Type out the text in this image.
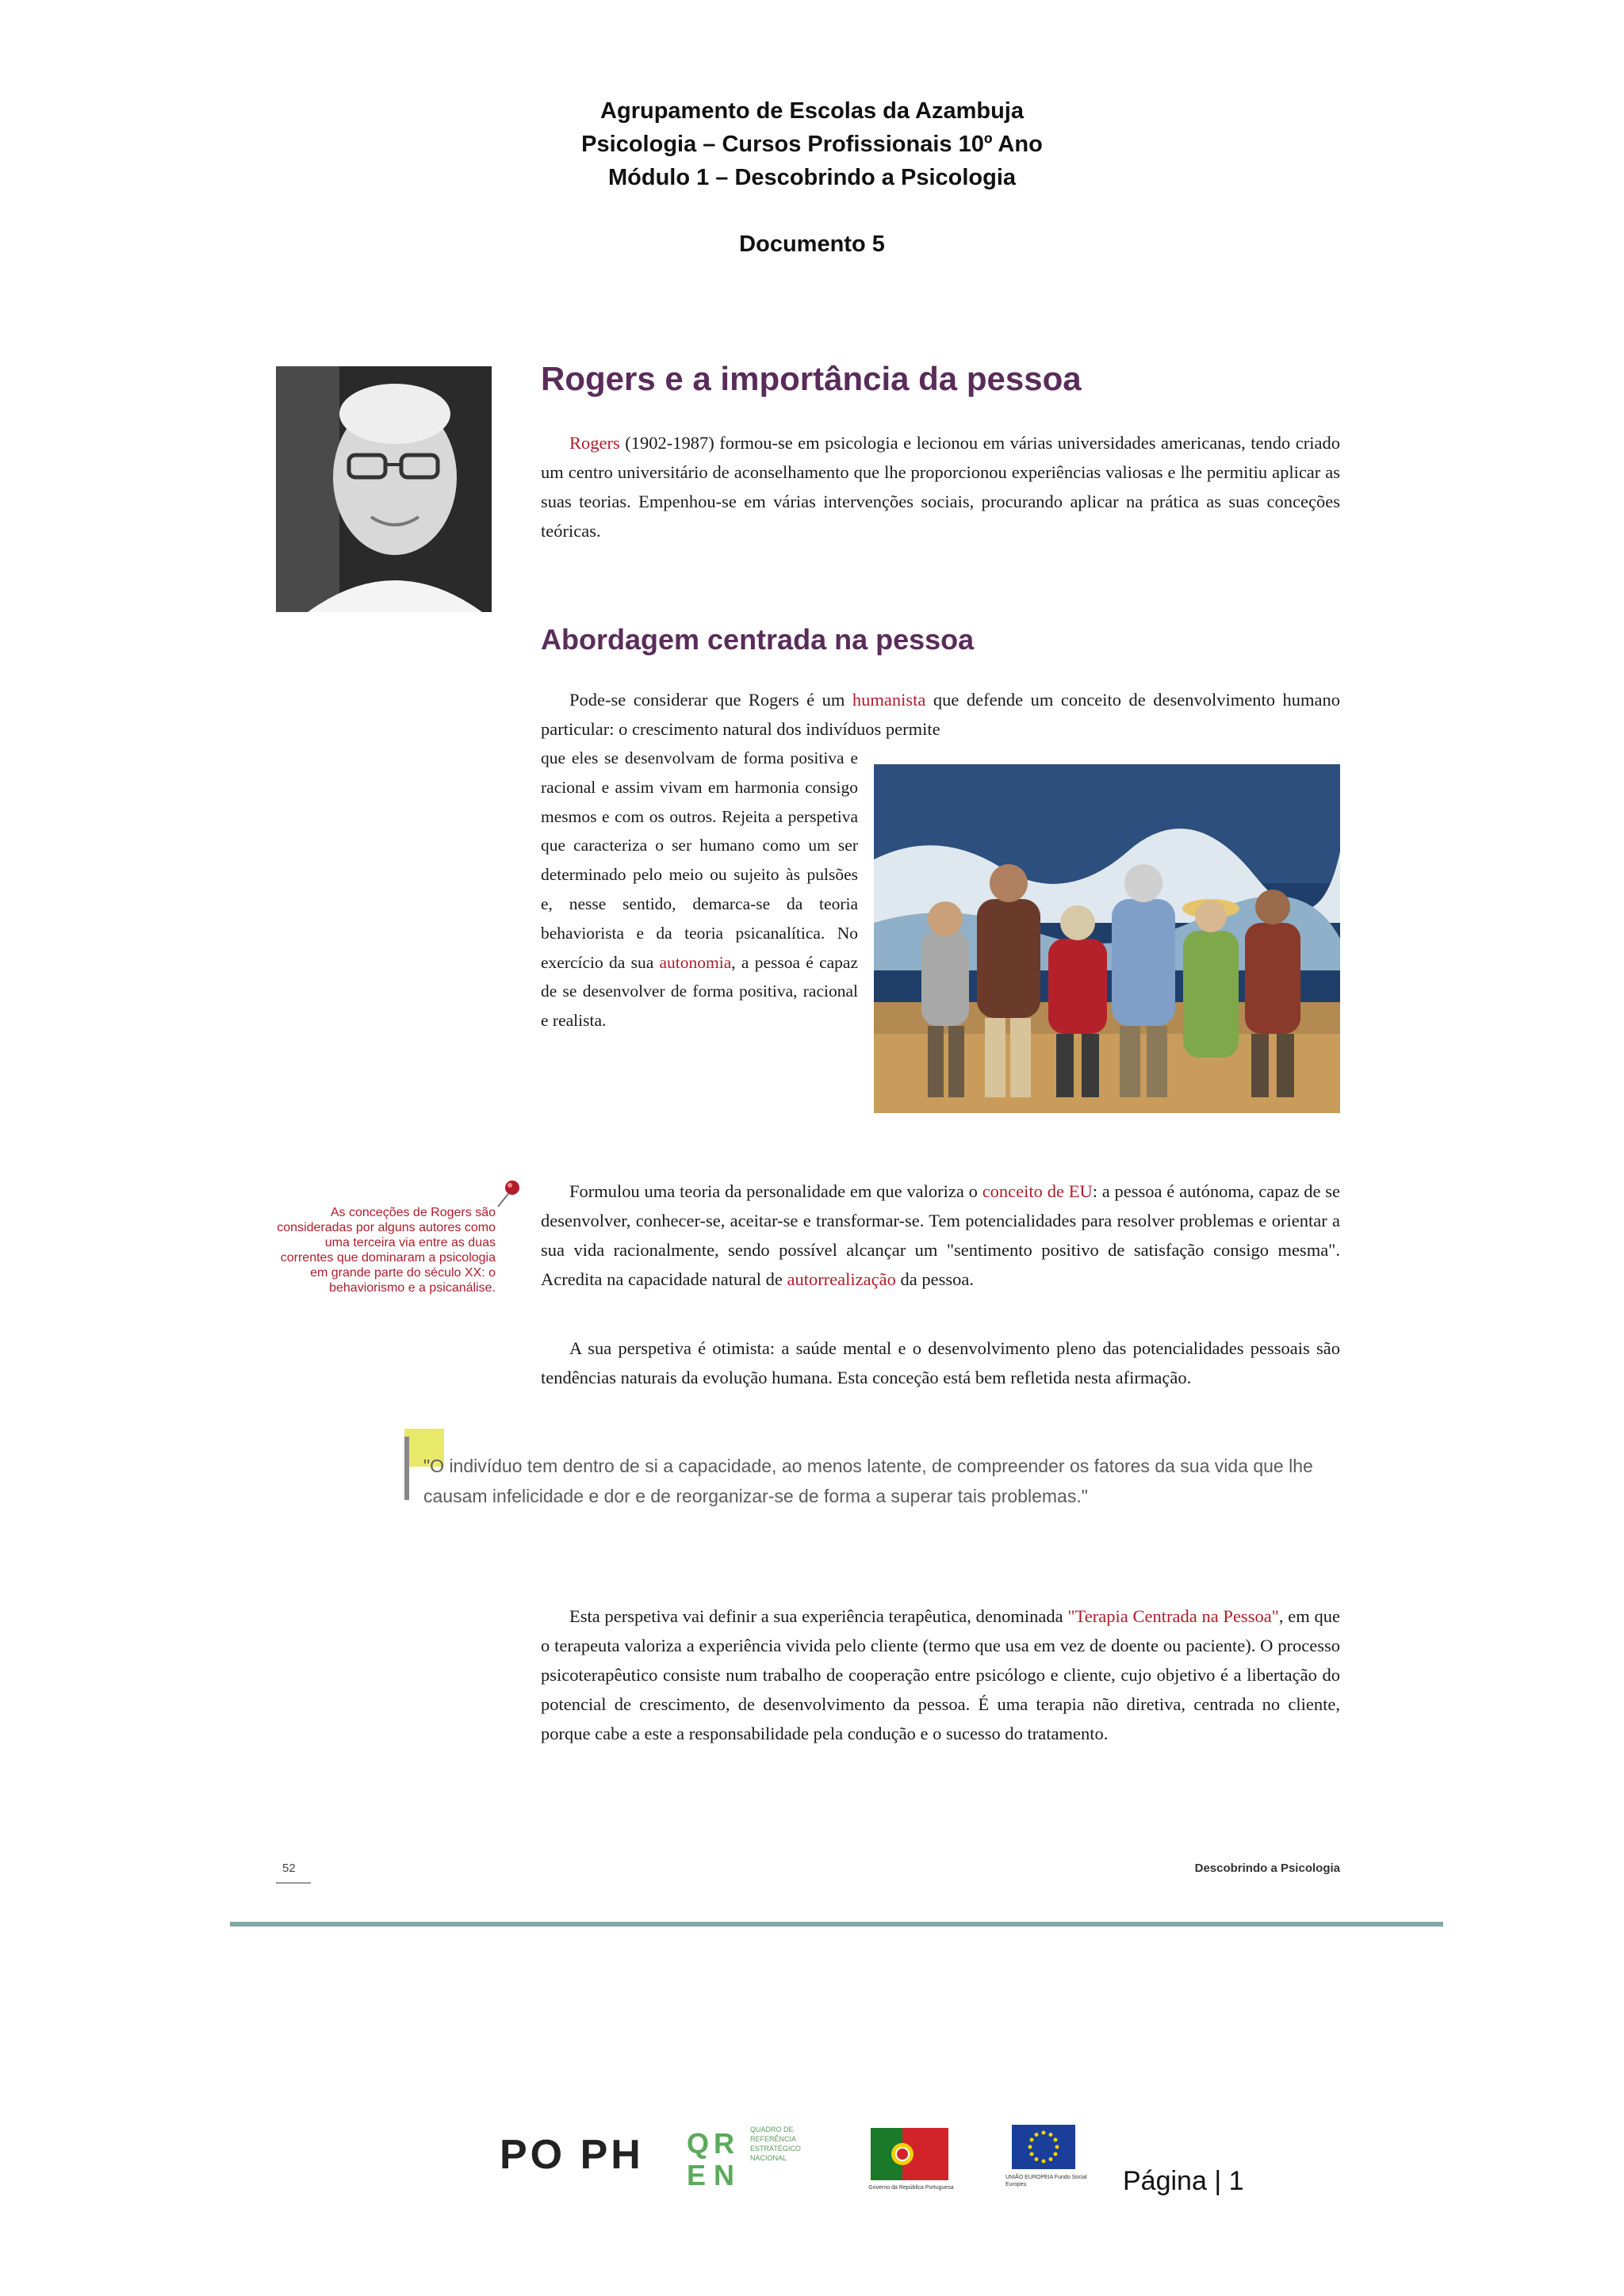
Agrupamento de Escolas da Azambuja
Psicologia – Cursos Profissionais 10º Ano
Módulo 1 – Descobrindo a Psicologia
Documento 5
Rogers e a importância da pessoa
Rogers (1902-1987) formou-se em psicologia e lecionou em várias universidades americanas, tendo criado um centro universitário de aconselhamento que lhe proporcionou experiências valiosas e lhe permitiu aplicar as suas teorias. Empenhou-se em várias intervenções sociais, procurando aplicar na prática as suas conceções teóricas.
Abordagem centrada na pessoa
Pode-se considerar que Rogers é um humanista que defende um conceito de desenvolvimento humano particular: o crescimento natural dos indivíduos permite
que eles se desenvolvam de forma positiva e racional e assim vivam em harmonia consigo mesmos e com os outros. Rejeita a perspetiva que caracteriza o ser humano como um ser determinado pelo meio ou sujeito às pulsões e, nesse sentido, demarca-se da teoria behaviorista e da teoria psicanalítica. No exercício da sua autonomia, a pessoa é capaz de se desenvolver de forma positiva, racional e realista.
As conceções de Rogers são consideradas por alguns autores como uma terceira via entre as duas correntes que dominaram a psicologia em grande parte do século XX: o behaviorismo e a psicanálise.
Formulou uma teoria da personalidade em que valoriza o conceito de EU: a pessoa é autónoma, capaz de se desenvolver, conhecer-se, aceitar-se e transformar-se. Tem potencialidades para resolver problemas e orientar a sua vida racionalmente, sendo possível alcançar um "sentimento positivo de satisfação consigo mesma". Acredita na capacidade natural de autorrealização da pessoa.
A sua perspetiva é otimista: a saúde mental e o desenvolvimento pleno das potencialidades pessoais são tendências naturais da evolução humana. Esta conceção está bem refletida nesta afirmação.
"O indivíduo tem dentro de si a capacidade, ao menos latente, de compreender os fatores da sua vida que lhe causam infelicidade e dor e de reorganizar-se de forma a superar tais problemas."
Esta perspetiva vai definir a sua experiência terapêutica, denominada "Terapia Centrada na Pessoa", em que o terapeuta valoriza a experiência vivida pelo cliente (termo que usa em vez de doente ou paciente). O processo psicoterapêutico consiste num trabalho de cooperação entre psicólogo e cliente, cujo objetivo é a libertação do potencial de crescimento, de desenvolvimento da pessoa. É uma terapia não diretiva, centrada no cliente, porque cabe a este a responsabilidade pela condução e o sucesso do tratamento.
52	Descobrindo a Psicologia
PO PH Q R
E N
QUADRO DE REFERÊNCIA ESTRATÉGICO NACIONAL
Governo da República Portuguesa
UNIÃO EUROPEIA Fundo Social Europeu	Página | 1
